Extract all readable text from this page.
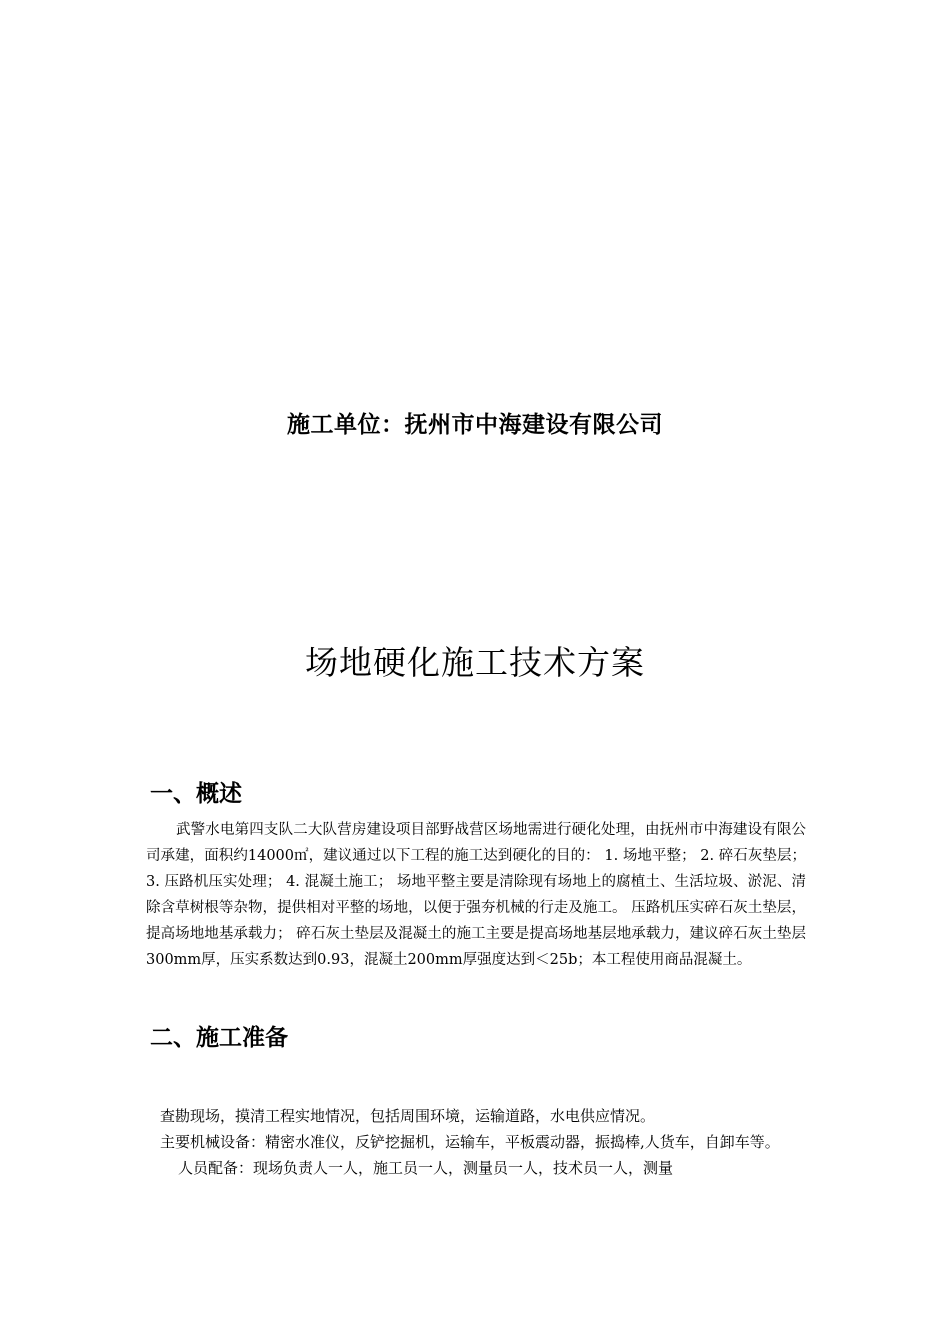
施工单位：抚州市中海建设有限公司
场地硬化施工技术方案
一、概述
武警水电第四支队二大队营房建设项目部野战营区场地需进行硬化处理，由抚州市中海建设有限公司承建，面积约14000㎡，建议通过以下工程的施工达到硬化的目的： 1. 场地平整； 2. 碎石灰垫层； 3. 压路机压实处理； 4. 混凝土施工； 场地平整主要是清除现有场地上的腐植土、生活垃圾、淤泥、清除含草树根等杂物，提供相对平整的场地，以便于强夯机械的行走及施工。 压路机压实碎石灰土垫层，提高场地地基承载力； 碎石灰土垫层及混凝土的施工主要是提高场地基层地承载力，建议碎石灰土垫层 300mm厚，压实系数达到0.93，混凝土200mm厚强度达到＜25b；本工程使用商品混凝土。
二、施工准备

查勘现场，摸清工程实地情况，包括周围环境，运输道路，水电供应情况。

主要机械设备：精密水准仪，反铲挖掘机，运输车，平板震动器，振捣棒,人货车，自卸车等。

人员配备：现场负责人一人，施工员一人，测量员一人，技术员一人，测量
